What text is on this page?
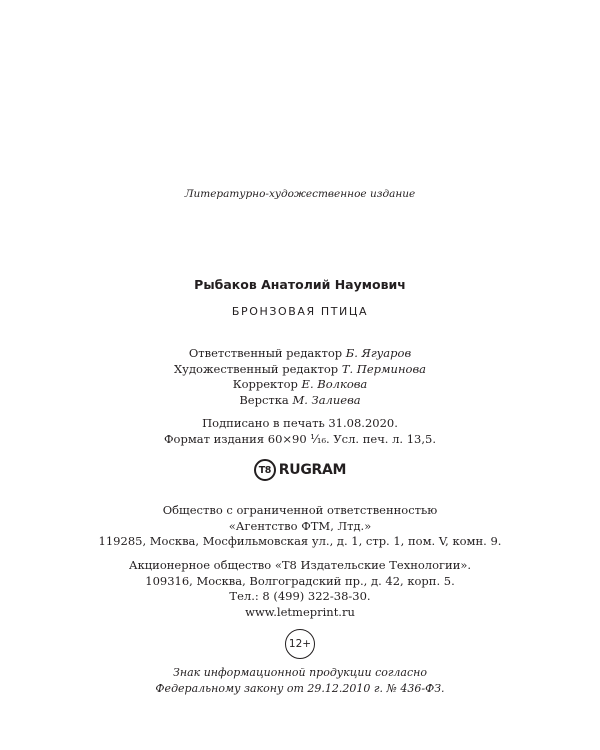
Литературно-художественное издание
Рыбаков Анатолий Наумович
БРОНЗОВАЯ ПТИЦА
Ответственный редактор Б. Ягуаров
Художественный редактор Т. Перминова
Корректор Е. Волкова
Верстка М. Залиева
Подписано в печать 31.08.2020.
Формат издания 60×90 ¹⁄₁₆. Усл. печ. л. 13,5.
T8 RUGRAM
Общество с ограниченной ответственностью
«Агентство ФТМ, Лтд.»
119285, Москва, Мосфильмовская ул., д. 1, стр. 1, пом. V, комн. 9.
Акционерное общество «Т8 Издательские Технологии».
109316, Москва, Волгоградский пр., д. 42, корп. 5.
Тел.: 8 (499) 322-38-30.
www.letmeprint.ru
12+
Знак информационной продукции согласно
Федеральному закону от 29.12.2010 г. № 436-ФЗ.
